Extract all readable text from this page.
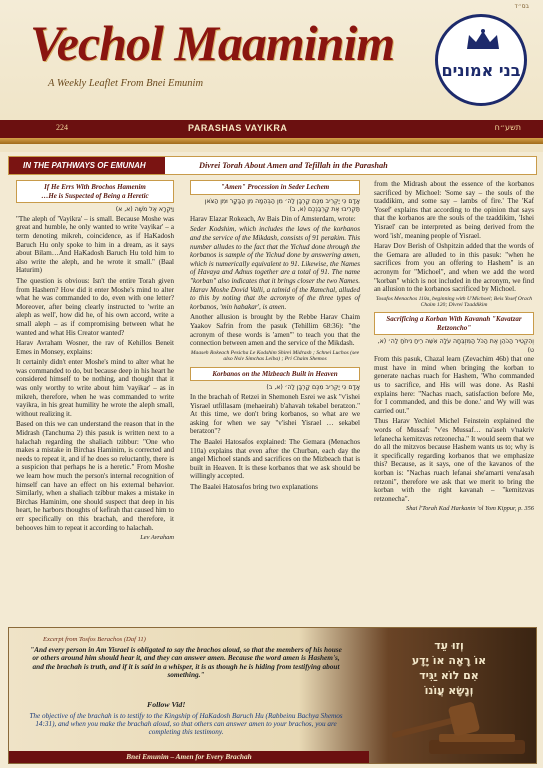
בס״ד
Vechol Maaminim
A Weekly Leaflet From Bnei Emunim
בני אמונים
224	PARASHAS VAYIKRA	תשע״ח
IN THE PATHWAYS OF EMUNAH	Divrei Torah About Amen and Tefillah in the Parashah
If He Errs With Brochos Hamenim
…He is Suspected of Being a Heretic
וַיִּקְרָא אֶל מֹשֶׁה (א, א)

"The aleph of 'Vayikra' – is small. Because Moshe was great and humble, he only wanted to write 'vayikar' – a term denoting mikreh, coincidence, as if HaKadosh Baruch Hu only spoke to him in a dream, as it says about Bilam…And HaKadosh Baruch Hu told him to also write the aleph, and he wrote it small." (Baal Haturim)

The question is obvious: Isn't the entire Torah given from Hashem? How did it enter Moshe's mind to alter what he was commanded to do, even with one letter? Moreover, after being clearly instructed to 'write an aleph as well', how did he, of his own accord, write a small aleph – as if compromising between what he wanted and what His Creator wanted?

Harav Avraham Wosner, the rav of Kehillos Beneit Emes in Monsey, explains:

It certainly didn't enter Moshe's mind to alter what he was commanded to do, but because deep in his heart he considered himself to be nothing, and thought that it was only worthy to write about him 'vayikar' – as in mikreh, therefore, when he was commanded to write vayikra, in his great humility he wrote the aleph small, without realizing it.

Based on this we can understand the reason that in the Midrash (Tanchuma 2) this pasuk is written next to a halachah regarding the shaliach tzibbur: "One who makes a mistake in Birchas Haminim, is corrected and needs to repeat it, and if he does so reluctantly, there is a suspicion that perhaps he is a heretic." From Moshe we learn how much the person's internal recognition of himself can have an effect on his external behavior. Similarly, when a shaliach tzibbur makes a mistake in Birchas Haminim, one should suspect that deep in his heart, he harbors thoughts of kefirah that caused him to err specifically on this brachah, and therefore, it behooves him to repeat it according to halachah.

Lev Avraham
"Amen" Procession in Seder Lechem
אָדָם כִּי יַקְרִיב מִכֶּם קָרְבָּן לַה׳ מִן הַבְּהֵמָה מִן הַבָּקָר וּמִן הַצֹּאן תַּקְרִיבוּ אֶת קָרְבַּנְכֶם (א, ב)

Harav Elazar Rokeach, Av Bais Din of Amsterdam, wrote:

Seder Kodshim, which includes the laws of the korbanos and the service of the Mikdash, consists of 91 perakim. This number alludes to the fact that the Yichud done through the korbanos is sample of the Yichud done by answering amen, which is numerically equivalent to 91. Likewise, the Names of Havaya and Adnus together are a total of 91. The name "korban" also indicates that it brings closer the two Names. Harav Moshe Dovid Valli, a talmid of the Ramchal, alluded to this by noting that the acronym of the three types of korbanos, 'min habakar', is amen.

Another allusion is brought by the Rebbe Harav Chaim Yaakov Safrin from the pasuk (Tehillim 68:36): "the acronym of these words is 'amen'" to teach you that the connection between amen and the service of the Mikdash.

Maaseh Rokeach Pesicha Le Kodshim Shirei Midrash ; Schnei Luchos (see also Nsiv Simchas Leiba) ; Pri Chaim Shemos
Korbanos on the Mizbeach Built in Heaven
אָדָם כִּי יַקְרִיב מִכֶּם קָרְבָּן לַה׳ (א, ב)

In the brachah of Retzei in Shemoneh Esrei we ask "v'ishei Yisrael utfillasam (mehaeirah) b'ahavah tekabel beratzon." At this time, we don't bring korbanos, so what are we asking for when we say "v'ishei Yisrael … sekabel beratzon"?

The Baalei Hatosafos explained: The Gemara (Menachos 110a) explains that even after the Churban, each day the angel Michoel stands and sacrifices on the Mizbeach that is built in Heaven. It is these korbanos that we ask should be willingly accepted.

The Baalei Hatosafos bring two explanations

from the Midrash about the essence of the korbanos sacrificed by Michoel: 'Some say – the souls of the tzaddikim, and some say – lambs of fire.' The 'Kaf Yosef' explains that according to the opinion that says that the korbanos are the souls of the tzaddikim, 'Ishei Yisrael' can be interpreted as being derived from the word 'ish', meaning people of Yisrael.

Harav Dov Berish of Oshpitzin added that the words of the Gemara are alluded to in this pasuk: "when he sacrifices from you an offering to Hashem" is an acronym for "Michoel", and when we add the word "korban" which is not included in the acronym, we find an allusion to the korbanos sacrificed by Michoel.

Tosafos Menachos 110a, beginning with U'Michoel; Beis Yosef Orach Chaim 120; Divrei Tzaddikim
Sacrificing a Korban With Kavanah "Kavatzar Retzoncho"
וְהִקְטִיר הַכֹּהֵן אֶת הַכֹּל הַמִּזְבֵּחָה עֹלָה אִשֵּׁה רֵיחַ נִיחֹחַ לַה׳ (א, ט)

From this pasuk, Chazal learn (Zevachim 46b) that one must have in mind when bringing the korban to generate nachas ruach for Hashem, 'Who commanded us to sacrifice, and His will was done. As Rashi explains here: "Nachas ruach, satisfaction before Me, for I commanded, and this be done.' and Wy will was carried out."

Thus Harav Yechiel Michel Feinstein explained the words of Mussaf: "v'es Mussaf… na'aseh v'nakriv lefanecha kemitzvas retzonecha." It would seem that we do all the mitzvos because Hashem wants us to; why is it specifically regarding korbanos that we emphasize this? Because, as it says, one of the kavanos of the korban is: "Nachas ruach lefanai she'amarti vena'asah retzoni", therefore we ask that we merit to bring the korban with the right kavanah – "kemitzvas retzonecha".

Shai l'Torah Kad Harkanin 'ol Yom Kippur, p. 356
Excerpt from Tosfos Berachos (Daf 11)
"And every person in Am Yisrael is obligated to say the brachos aloud, so that the members of his house or others around him should hear it, and they can answer amen. Because the word amen is Hashem's, and the brachah is truth, and if it is said in a whisper, it is as though he is hiding from testifying about something."
Follow Vid!
The objective of the brachah is to testify to the Kingship of HaKadosh Baruch Hu (Rabbeinu Bachya Shemos 14:31), and when you make the brachah aloud, so that others can answer amen to your brachos, you are completing this testimony.
וְזוּ עֵד
אוֹ רָאָה אוֹ יָדָע
אִם לוֹא יַגִּיד
וְנָשָׂא עֲוֹנוֹ
Bnei Emunim – Amen for Every Brachah
